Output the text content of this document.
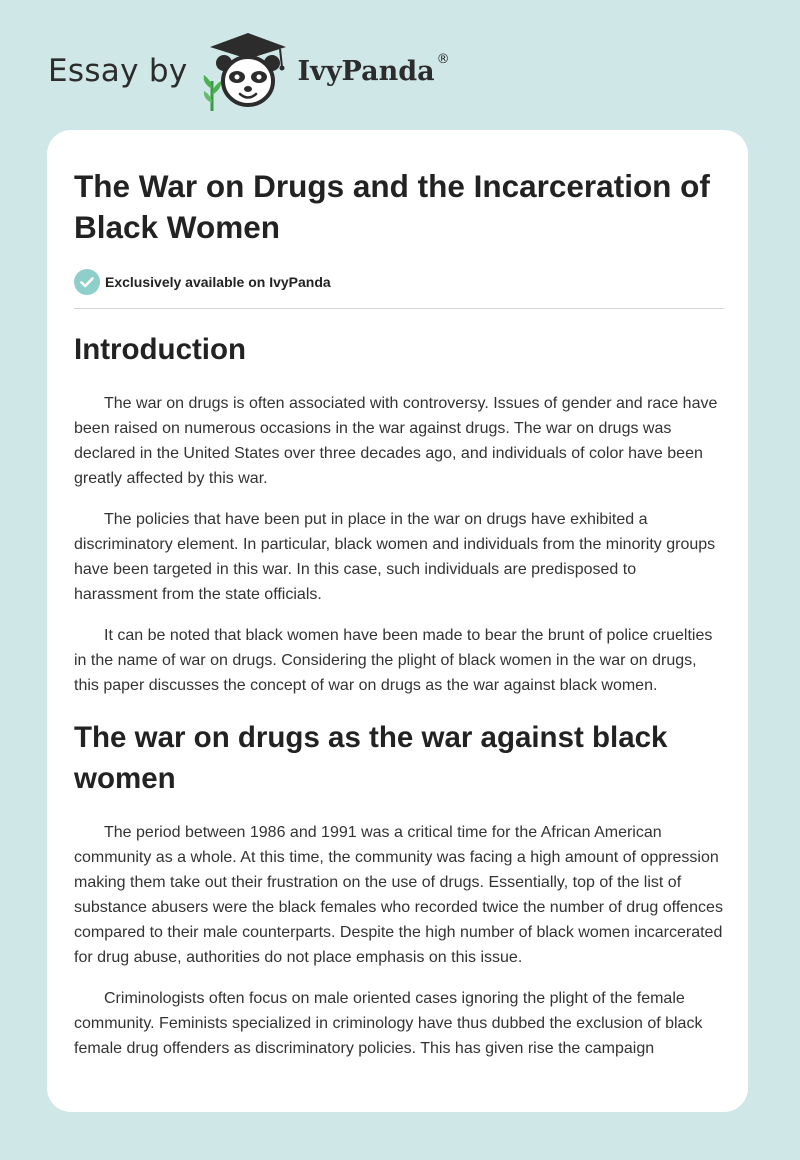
Essay by	IvyPanda ®
The War on Drugs and the Incarceration of Black Women
Exclusively available on IvyPanda
Introduction

The war on drugs is often associated with controversy. Issues of gender and race have been raised on numerous occasions in the war against drugs. The war on drugs was declared in the United States over three decades ago, and individuals of color have been greatly affected by this war.

The policies that have been put in place in the war on drugs have exhibited a discriminatory element. In particular, black women and individuals from the minority groups have been targeted in this war. In this case, such individuals are predisposed to harassment from the state officials.

It can be noted that black women have been made to bear the brunt of police cruelties in the name of war on drugs. Considering the plight of black women in the war on drugs, this paper discusses the concept of war on drugs as the war against black women.

The war on drugs as the war against black women

The period between 1986 and 1991 was a critical time for the African American community as a whole. At this time, the community was facing a high amount of oppression making them take out their frustration on the use of drugs. Essentially, top of the list of substance abusers were the black females who recorded twice the number of drug offences compared to their male counterparts. Despite the high number of black women incarcerated for drug abuse, authorities do not place emphasis on this issue.

Criminologists often focus on male oriented cases ignoring the plight of the female community. Feminists specialized in criminology have thus dubbed the exclusion of black female drug offenders as discriminatory policies. This has given rise the campaign
